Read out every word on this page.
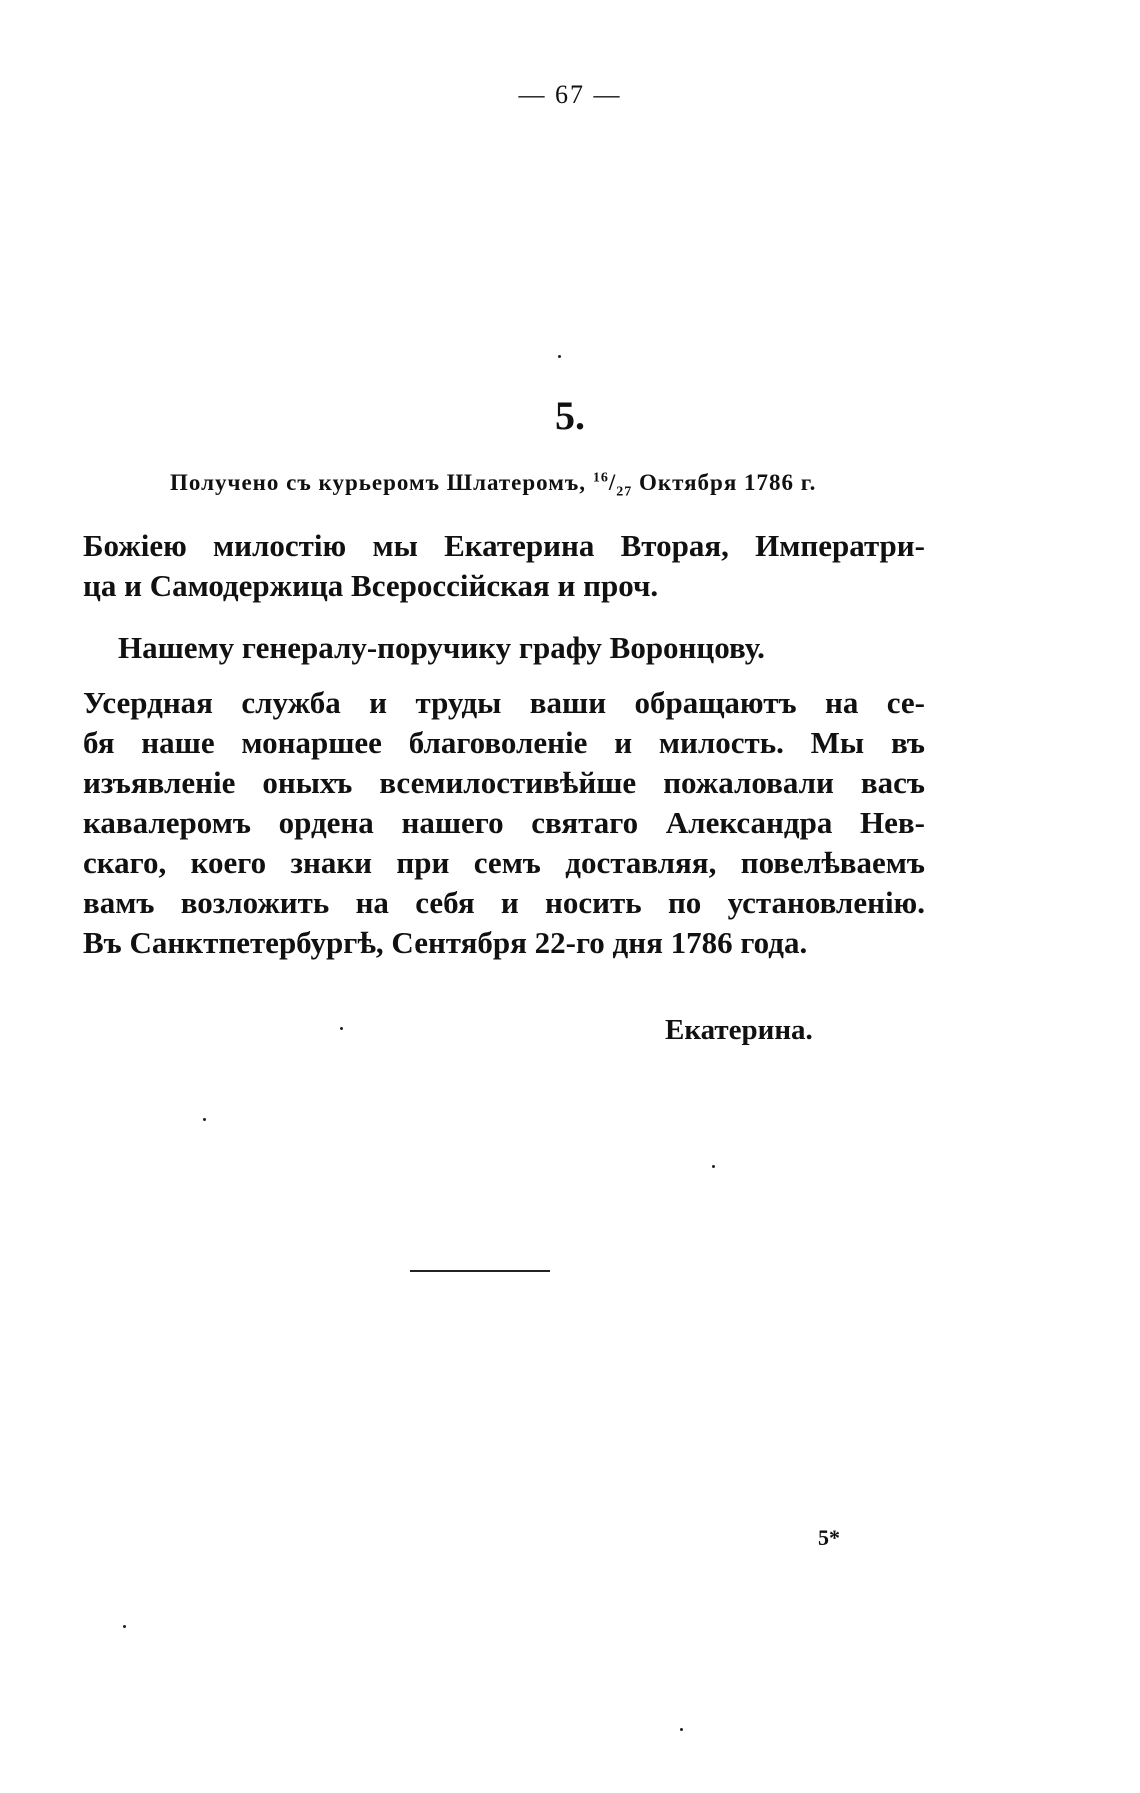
— 67 —
5.
Получено съ курьеромъ Шлатеромъ, $^{16}/_{27}$ Октября 1786 г.
Божіею милостію мы Екатерина Вторая, Императри-
ца и Самодержица Всероссійская и проч.
Нашему генералу-поручику графу Воронцову.
Усердная служба и труды ваши обращаютъ на се-
бя наше монаршее благоволеніе и милость. Мы въ
изъявленіе оныхъ всемилостивѣйше пожаловали васъ
кавалеромъ ордена нашего святаго Александра Нев-
скаго, коего знаки при семъ доставляя, повелѣваемъ
вамъ возложить на себя и носить по установленію.
Въ Санктпетербургѣ, Сентября 22-го дня 1786 года.
Екатерина.
5*
